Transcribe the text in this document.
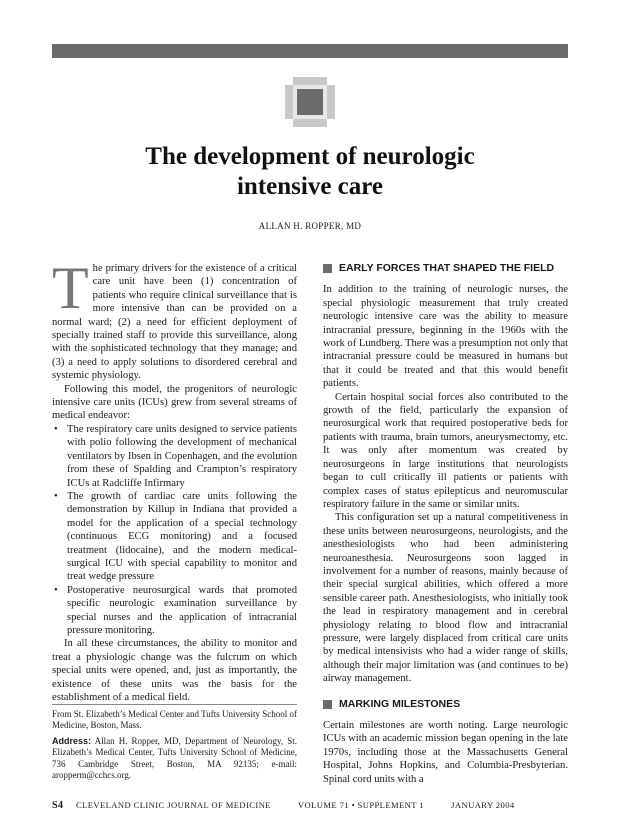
The development of neurologic
intensive care
ALLAN H. ROPPER, MD

The primary drivers for the existence of a critical care unit have been (1) concentration of patients who require clinical surveillance that is more intensive than can be provided on a normal ward; (2) a need for efficient deployment of specially trained staff to provide this surveillance, along with the sophisticated technology that they manage; and (3) a need to apply solutions to disordered cerebral and systemic physiology.

Following this model, the progenitors of neurologic intensive care units (ICUs) grew from several streams of medical endeavor:

• The respiratory care units designed to service patients with polio following the development of mechanical ventilators by Ibsen in Copenhagen, and the evolution from these of Spalding and Crampton’s respiratory ICUs at Radcliffe Infirmary
• The growth of cardiac care units following the demonstration by Killup in Indiana that provided a model for the application of a special technology (continuous ECG monitoring) and a focused treatment (lidocaine), and the modern medical-surgical ICU with special capability to monitor and treat wedge pressure
• Postoperative neurosurgical wards that promoted specific neurologic examination surveillance by special nurses and the application of intracranial pressure monitoring.

In all these circumstances, the ability to monitor and treat a physiologic change was the fulcrum on which special units were opened, and, just as importantly, the existence of these units was the basis for the establishment of a medical field.

From St. Elizabeth’s Medical Center and Tufts University School of Medicine, Boston, Mass.

Address: Allan H. Ropper, MD, Department of Neurology, St. Elizabeth’s Medical Center, Tufts University School of Medicine, 736 Cambridge Street, Boston, MA 92135; e-mail: aropperm@cchcs.org.

EARLY FORCES THAT SHAPED THE FIELD

In addition to the training of neurologic nurses, the special physiologic measurement that truly created neurologic intensive care was the ability to measure intracranial pressure, beginning in the 1960s with the work of Lundberg. There was a presumption not only that intracranial pressure could be measured in humans but that it could be treated and that this would benefit patients.

Certain hospital social forces also contributed to the growth of the field, particularly the expansion of neurosurgical work that required postoperative beds for patients with trauma, brain tumors, aneurysmectomy, etc. It was only after momentum was created by neurosurgeons in large institutions that neurologists began to cull critically ill patients or patients with complex cases of status epilepticus and neuromuscular respiratory failure in the same or similar units.

This configuration set up a natural competitiveness in these units between neurosurgeons, neurologists, and the anesthesiologists who had been administering neuroanesthesia. Neurosurgeons soon lagged in involvement for a number of reasons, mainly because of their special surgical abilities, which offered a more sensible career path. Anesthesiologists, who initially took the lead in respiratory management and in cerebral physiology relating to blood flow and intracranial pressure, were largely displaced from critical care units by medical intensivists who had a wider range of skills, although their major limitation was (and continues to be) airway management.

MARKING MILESTONES

Certain milestones are worth noting. Large neurologic ICUs with an academic mission began opening in the late 1970s, including those at the Massachusetts General Hospital, Johns Hopkins, and Columbia-Presbyterian. Spinal cord units with a

S4 CLEVELAND CLINIC JOURNAL OF MEDICINE	VOLUME 71 • SUPPLEMENT 1	JANUARY 2004
